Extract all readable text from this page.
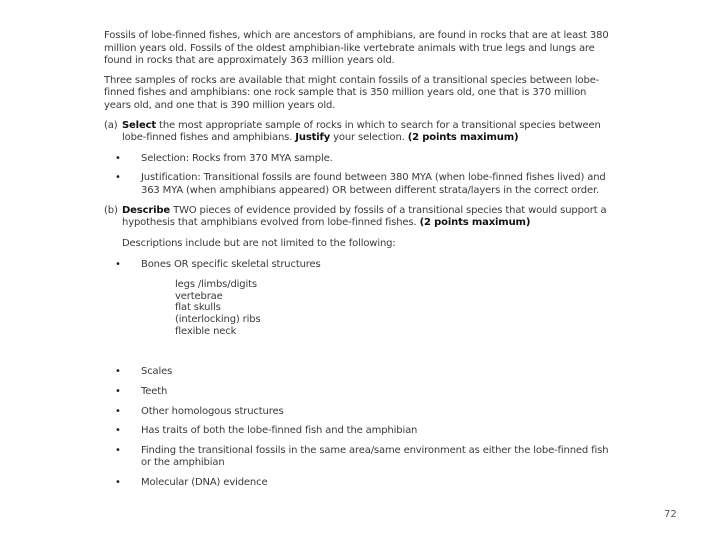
Fossils of lobe-finned fishes, which are ancestors of amphibians, are found in rocks that are at least 380 million years old. Fossils of the oldest amphibian-like vertebrate animals with true legs and lungs are found in rocks that are approximately 363 million years old.

Three samples of rocks are available that might contain fossils of a transitional species between lobe-finned fishes and amphibians: one rock sample that is 350 million years old, one that is 370 million years old, and one that is 390 million years old.

(a) Select the most appropriate sample of rocks in which to search for a transitional species between lobe-finned fishes and amphibians. Justify your selection. (2 points maximum)
• Selection: Rocks from 370 MYA sample.
• Justification: Transitional fossils are found between 380 MYA (when lobe-finned fishes lived) and 363 MYA (when amphibians appeared) OR between different strata/layers in the correct order.
(b) Describe TWO pieces of evidence provided by fossils of a transitional species that would support a hypothesis that amphibians evolved from lobe-finned fishes. (2 points maximum)

Descriptions include but are not limited to the following:

• Bones OR specific skeletal structures
legs /limbs/digits
vertebrae
flat skulls
(interlocking) ribs
flexible neck
• Scales
• Teeth
• Other homologous structures
• Has traits of both the lobe-finned fish and the amphibian
• Finding the transitional fossils in the same area/same environment as either the lobe-finned fish or the amphibian
• Molecular (DNA) evidence
72
